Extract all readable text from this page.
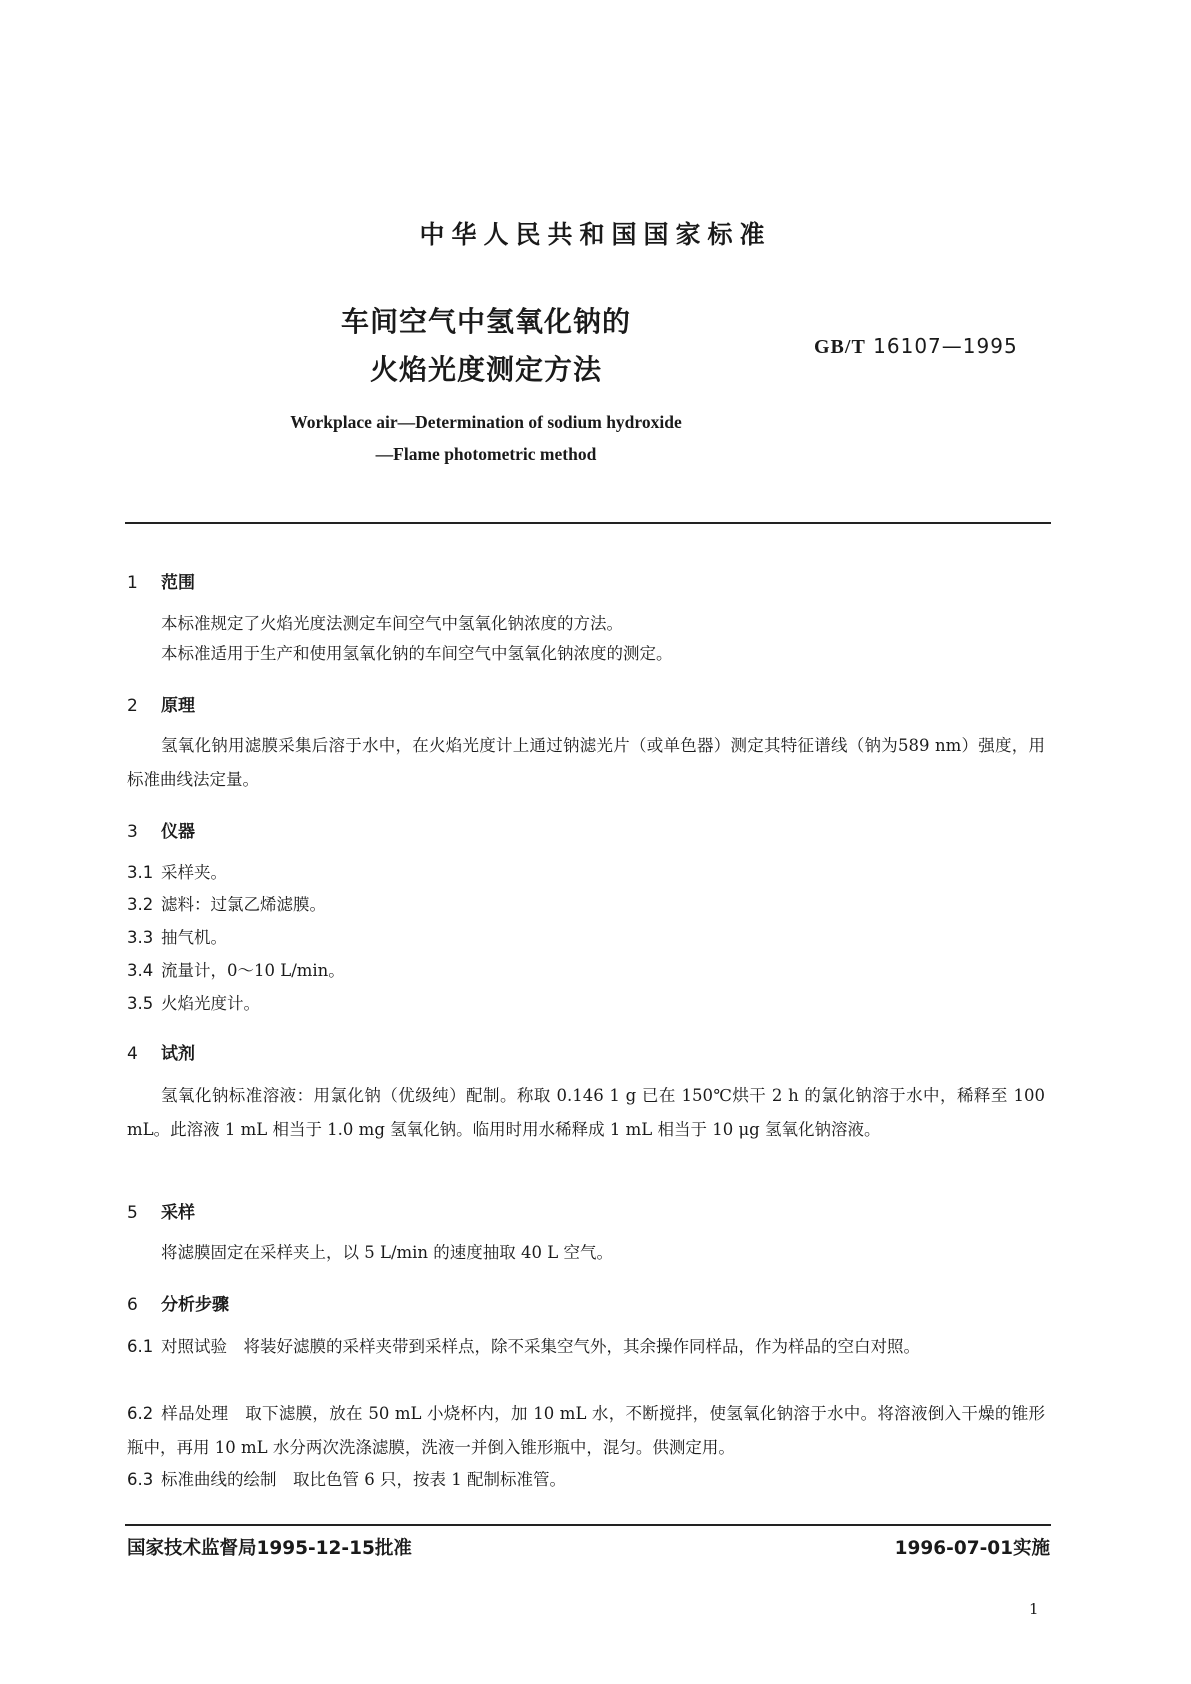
中华人民共和国国家标准
车间空气中氢氧化钠的
火焰光度测定方法
GB/T 16107—1995
Workplace air—Determination of sodium hydroxide
—Flame photometric method
1 范围
本标准规定了火焰光度法测定车间空气中氢氧化钠浓度的方法。
本标准适用于生产和使用氢氧化钠的车间空气中氢氧化钠浓度的测定。
2 原理
氢氧化钠用滤膜采集后溶于水中，在火焰光度计上通过钠滤光片（或单色器）测定其特征谱线（钠为589 nm）强度，用标准曲线法定量。
3 仪器
3.1 采样夹。
3.2 滤料：过氯乙烯滤膜。
3.3 抽气机。
3.4 流量计，0～10 L/min。
3.5 火焰光度计。
4 试剂
氢氧化钠标准溶液：用氯化钠（优级纯）配制。称取 0.146 1 g 已在 150℃烘干 2 h 的氯化钠溶于水中，稀释至 100 mL。此溶液 1 mL 相当于 1.0 mg 氢氧化钠。临用时用水稀释成 1 mL 相当于 10 μg 氢氧化钠溶液。
5 采样
将滤膜固定在采样夹上，以 5 L/min 的速度抽取 40 L 空气。
6 分析步骤
6.1 对照试验　将装好滤膜的采样夹带到采样点，除不采集空气外，其余操作同样品，作为样品的空白对照。
6.2 样品处理　取下滤膜，放在 50 mL 小烧杯内，加 10 mL 水，不断搅拌，使氢氧化钠溶于水中。将溶液倒入干燥的锥形瓶中，再用 10 mL 水分两次洗涤滤膜，洗液一并倒入锥形瓶中，混匀。供测定用。
6.3 标准曲线的绘制　取比色管 6 只，按表 1 配制标准管。
国家技术监督局1995-12-15批准	1996-07-01实施
1
